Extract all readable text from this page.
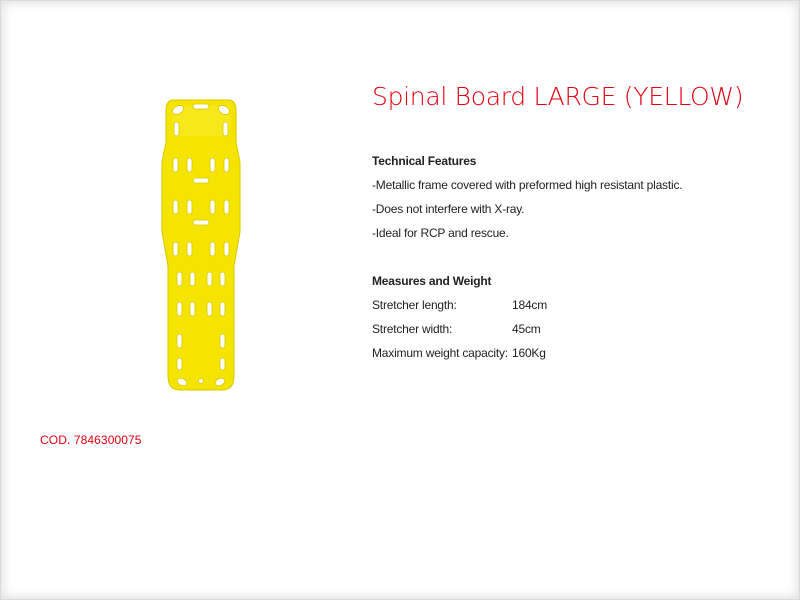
Spinal Board LARGE (YELLOW)
Technical Features
-Metallic frame covered with preformed high resistant plastic.
-Does not interfere with X-ray.
-Ideal for RCP and rescue.
Measures and Weight
Stretcher length:	184cm
Stretcher width:	45cm
Maximum weight capacity: 160Kg
COD. 7846300075
